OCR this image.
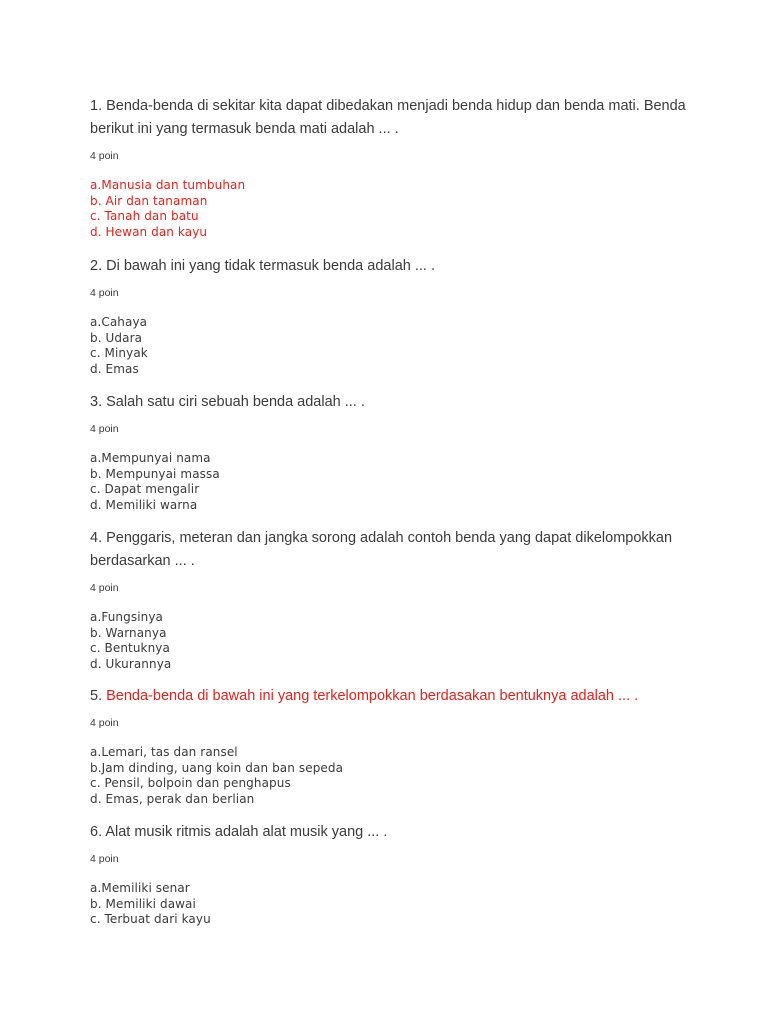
1. Benda-benda di sekitar kita dapat dibedakan menjadi benda hidup dan benda mati. Benda berikut ini yang termasuk benda mati adalah ... .

4 poin

a.Manusia dan tumbuhan
b. Air dan tanaman
c. Tanah dan batu
d. Hewan dan kayu

2. Di bawah ini yang tidak termasuk benda adalah ... .

4 poin

a.Cahaya
b. Udara
c. Minyak
d. Emas

3. Salah satu ciri sebuah benda adalah ... .

4 poin

a.Mempunyai nama
b. Mempunyai massa
c. Dapat mengalir
d. Memiliki warna

4. Penggaris, meteran dan jangka sorong adalah contoh benda yang dapat dikelompokkan berdasarkan ... .

4 poin

a.Fungsinya
b. Warnanya
c. Bentuknya
d. Ukurannya

5. Benda-benda di bawah ini yang terkelompokkan berdasakan bentuknya adalah ... .

4 poin

a.Lemari, tas dan ransel
b.Jam dinding, uang koin dan ban sepeda
c. Pensil, bolpoin dan penghapus
d. Emas, perak dan berlian

6. Alat musik ritmis adalah alat musik yang ... .

4 poin

a.Memiliki senar
b. Memiliki dawai
c. Terbuat dari kayu
